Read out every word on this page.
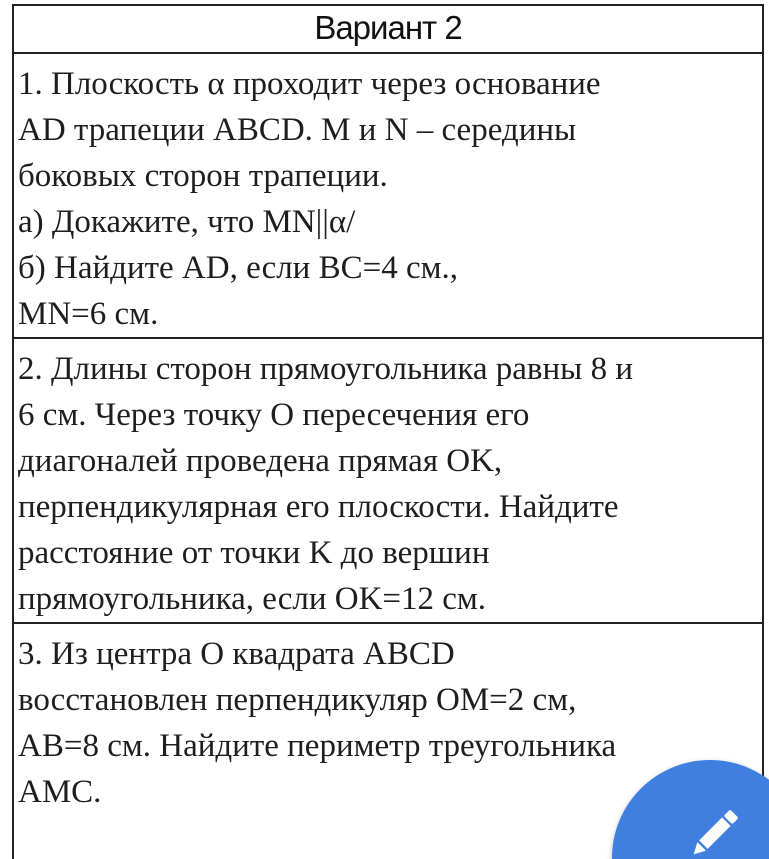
Вариант 2

1. Плоскость α проходит через основание
AD трапеции ABCD. M и N – середины
боковых сторон трапеции.
а) Докажите, что MN||α/
б) Найдите AD, если BC=4 см.,
MN=6 см.

2. Длины сторон прямоугольника равны 8 и
6 см. Через точку O пересечения его
диагоналей проведена прямая OK,
перпендикулярная его плоскости. Найдите
расстояние от точки K до вершин
прямоугольника, если OK=12 см.

3. Из центра O квадрата ABCD
восстановлен перпендикуляр OM=2 см,
AB=8 см. Найдите периметр треугольника
AMC.
